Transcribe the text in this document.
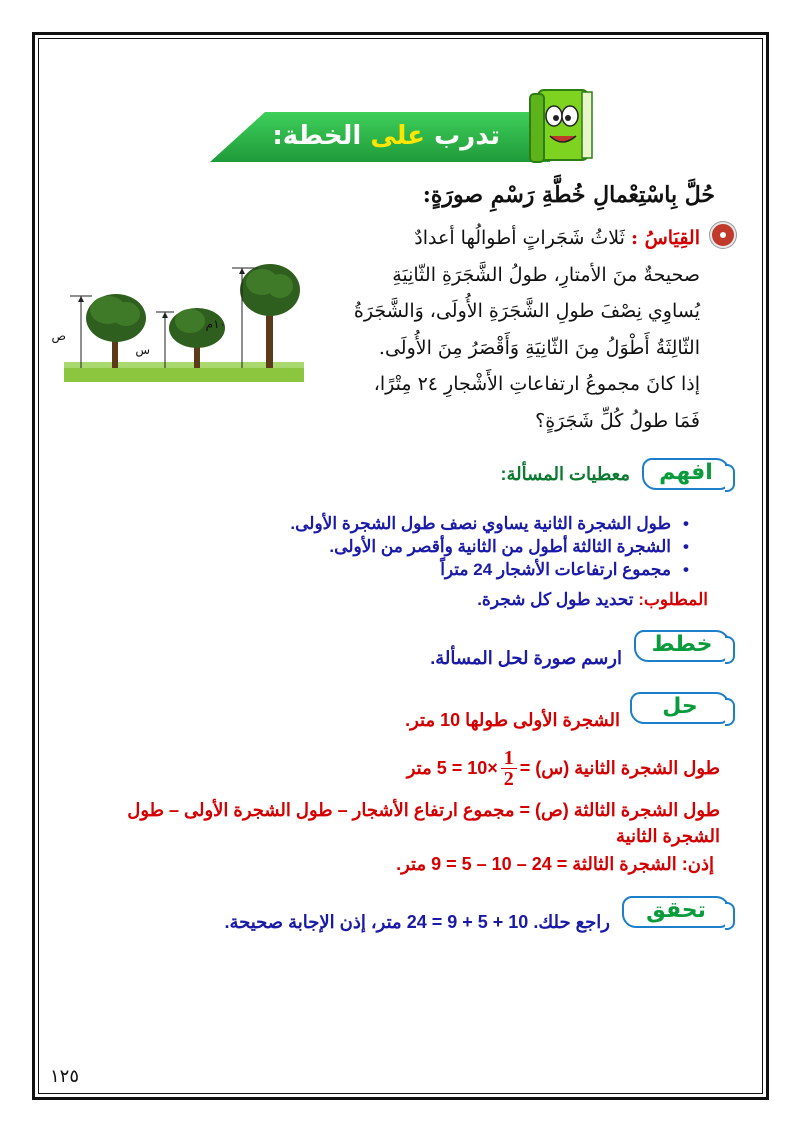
تدرب على الخطة:
حُلَّ بِاسْتِعْمالِ خُطَّةِ رَسْمِ صورَةٍ:
القِيَاسُ : ثَلاثُ شَجَراتٍ أطوالُها أعدادٌ
صحيحةٌ منَ الأمتارِ، طولُ الشَّجَرَةِ الثّانِيَةِ
يُساوِي نِصْفَ طولِ الشَّجَرَةِ الأُولَى، وَالشَّجَرَةُ
الثّالِثَةُ أَطْوَلُ مِنَ الثّانِيَةِ وَأَقْصَرُ مِنَ الأُولَى.
إذا كانَ مجموعُ ارتفاعاتِ الأَشْجارِ ٢٤ مِتْرًا،
فَمَا طولُ كُلِّ شَجَرَةٍ؟
ص
س
١٠م
افهم
معطيات المسألة:
• طول الشجرة الثانية يساوي نصف طول الشجرة الأولى.
• الشجرة الثالثة أطول من الثانية وأقصر من الأولى.
• مجموع ارتفاعات الأشجار 24 متراً
المطلوب: تحديد طول كل شجرة.
خطط
ارسم صورة لحل المسألة.
حل
الشجرة الأولى طولها 10 متر.
طول الشجرة الثانية (س) =
$\frac{1}{2}$
×10 = 5 متر
طول الشجرة الثالثة (ص) = مجموع ارتفاع الأشجار – طول الشجرة الأولى – طول
الشجرة الثانية
إذن: الشجرة الثالثة = 24 – 10 – 5 = 9 متر.
تحقق
راجع حلك. 10 + 5 + 9 = 24 متر، إذن الإجابة صحيحة.
١٢٥
